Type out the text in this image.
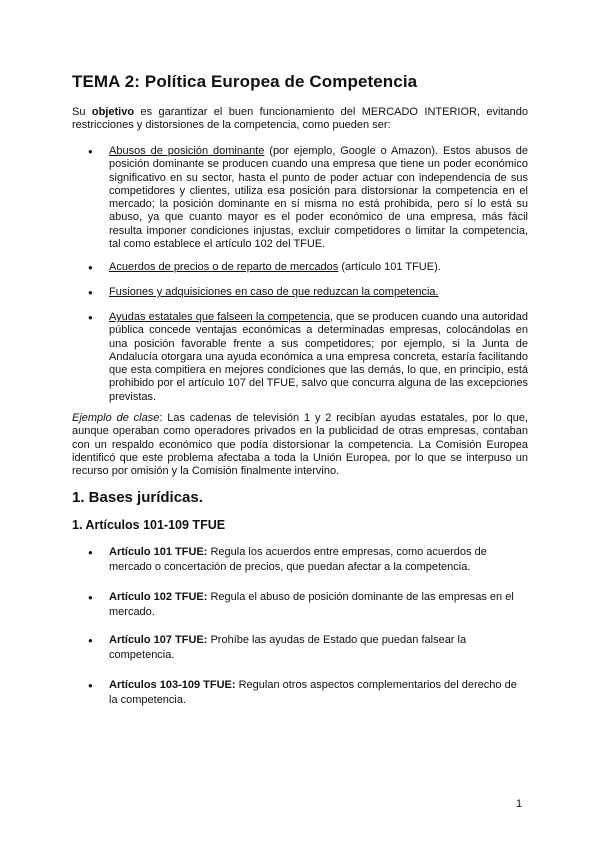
TEMA 2: Política Europea de Competencia

Su objetivo es garantizar el buen funcionamiento del MERCADO INTERIOR, evitando restricciones y distorsiones de la competencia, como pueden ser:

● Abusos de posición dominante (por ejemplo, Google o Amazon). Estos abusos de posición dominante se producen cuando una empresa que tiene un poder económico significativo en su sector, hasta el punto de poder actuar con independencia de sus competidores y clientes, utiliza esa posición para distorsionar la competencia en el mercado; la posición dominante en sí misma no está prohibida, pero sí lo está su abuso, ya que cuanto mayor es el poder económico de una empresa, más fácil resulta imponer condiciones injustas, excluir competidores o limitar la competencia, tal como establece el artículo 102 del TFUE.
● Acuerdos de precios o de reparto de mercados (artículo 101 TFUE).
● Fusiones y adquisiciones en caso de que reduzcan la competencia.
● Ayudas estatales que falseen la competencia, que se producen cuando una autoridad pública concede ventajas económicas a determinadas empresas, colocándolas en una posición favorable frente a sus competidores; por ejemplo, si la Junta de Andalucía otorgara una ayuda económica a una empresa concreta, estaría facilitando que esta compitiera en mejores condiciones que las demás, lo que, en principio, está prohibido por el artículo 107 del TFUE, salvo que concurra alguna de las excepciones previstas.

Ejemplo de clase: Las cadenas de televisión 1 y 2 recibían ayudas estatales, por lo que, aunque operaban como operadores privados en la publicidad de otras empresas, contaban con un respaldo económico que podía distorsionar la competencia. La Comisión Europea identificó que este problema afectaba a toda la Unión Europea, por lo que se interpuso un recurso por omisión y la Comisión finalmente intervino.

1. Bases jurídicas.
1. Artículos 101-109 TFUE
● Artículo 101 TFUE: Regula los acuerdos entre empresas, como acuerdos de mercado o concertación de precios, que puedan afectar a la competencia.
● Artículo 102 TFUE: Regula el abuso de posición dominante de las empresas en el mercado.
● Artículo 107 TFUE: Prohíbe las ayudas de Estado que puedan falsear la competencia.
● Artículos 103-109 TFUE: Regulan otros aspectos complementarios del derecho de la competencia.
1
